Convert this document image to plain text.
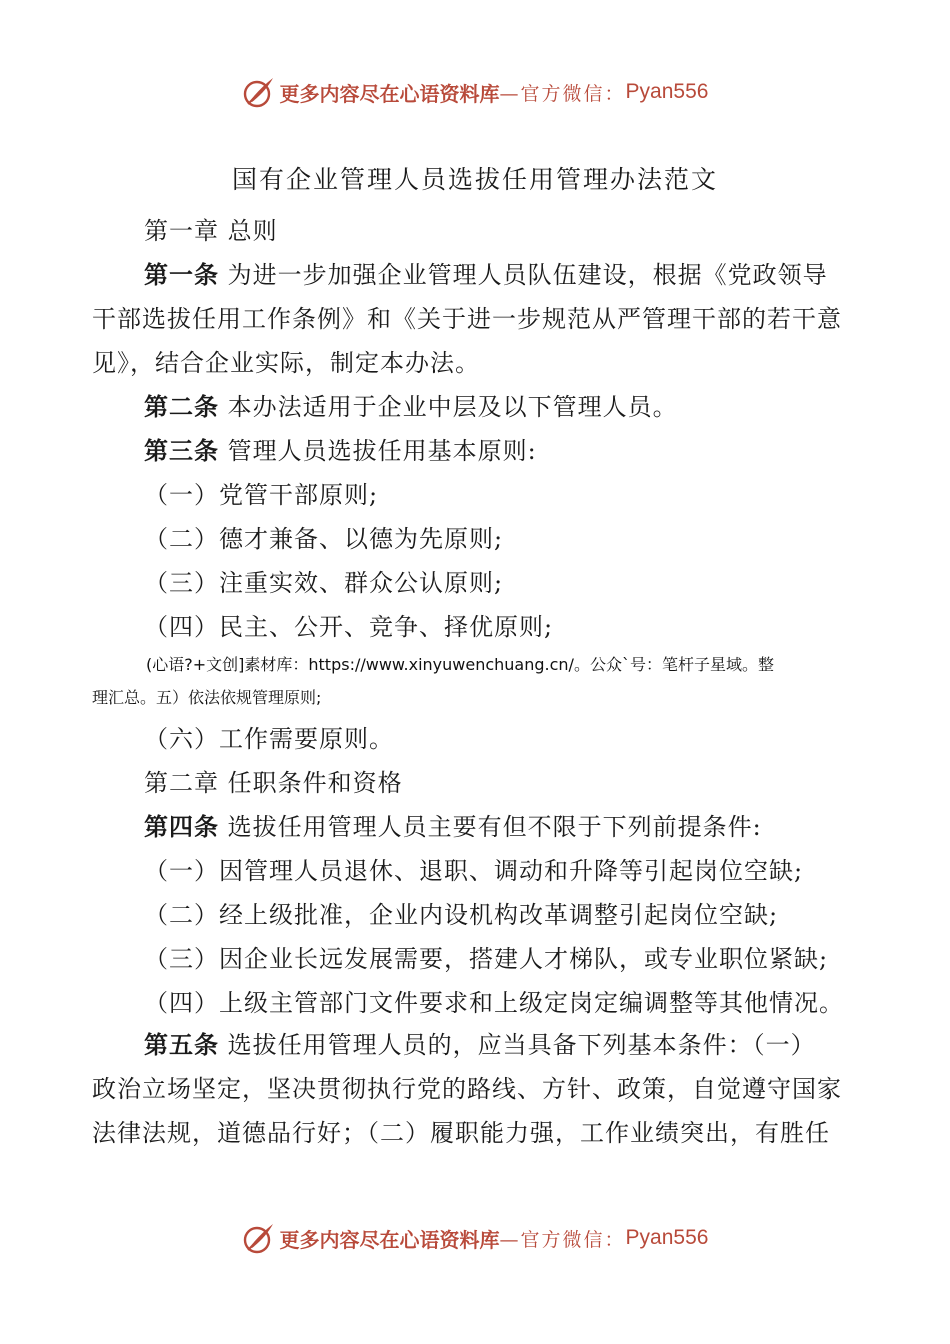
更多内容尽在心语资料库 —官方微信： Pyan556
国有企业管理人员选拔任用管理办法范文
第一章 总则
第一条 为进一步加强企业管理人员队伍建设，根据《党政领导
干部选拔任用工作条例》和《关于进一步规范从严管理干部的若干意
见》，结合企业实际，制定本办法。
第二条 本办法适用于企业中层及以下管理人员。
第三条 管理人员选拔任用基本原则:
（一）党管干部原则;
（二）德才兼备、以德为先原则;
（三）注重实效、群众公认原则;
（四）民主、公开、竞争、择优原则;
(心语?+文创]素材库：https://www.xinyuwenchuang.cn/。公众`号：笔杆子星域。整
理汇总。五）依法依规管理原则;
（六）工作需要原则。
第二章 任职条件和资格
第四条 选拔任用管理人员主要有但不限于下列前提条件:
（一）因管理人员退休、退职、调动和升降等引起岗位空缺;
（二）经上级批准，企业内设机构改革调整引起岗位空缺;
（三）因企业长远发展需要，搭建人才梯队，或专业职位紧缺;
（四）上级主管部门文件要求和上级定岗定编调整等其他情况。
第五条 选拔任用管理人员的，应当具备下列基本条件：（一）
政治立场坚定，坚决贯彻执行党的路线、方针、政策，自觉遵守国家
法律法规，道德品行好；（二）履职能力强，工作业绩突出，有胜任
更多内容尽在心语资料库 —官方微信： Pyan556
